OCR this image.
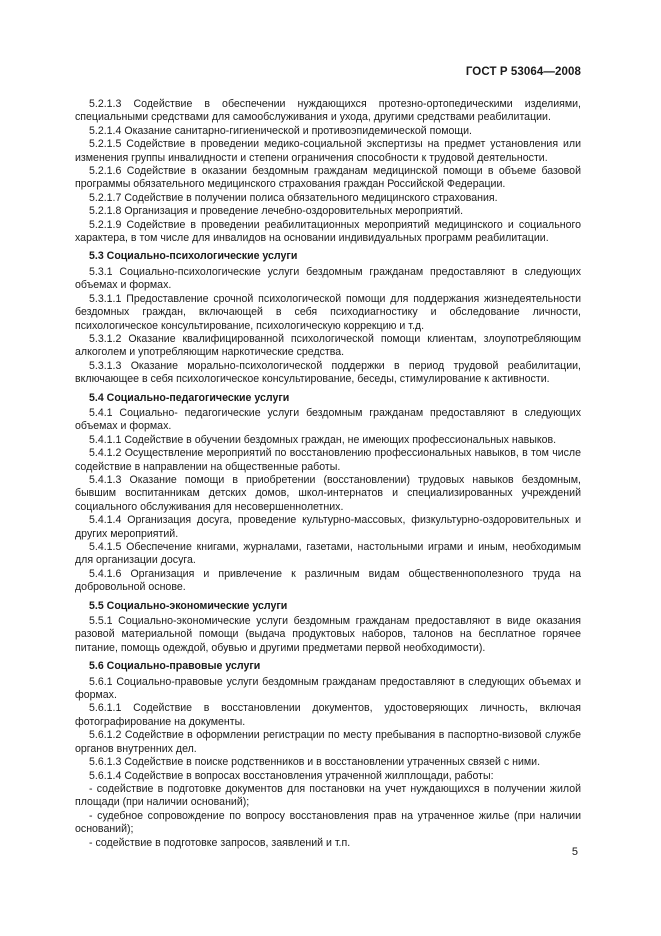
ГОСТ Р 53064—2008

5.2.1.3 Содействие в обеспечении нуждающихся протезно-ортопедическими изделиями, специальными средствами для самообслуживания и ухода, другими средствами реабилитации.

5.2.1.4 Оказание санитарно-гигиенической и противоэпидемической помощи.

5.2.1.5 Содействие в проведении медико-социальной экспертизы на предмет установления или изменения группы инвалидности и степени ограничения способности к трудовой деятельности.

5.2.1.6 Содействие в оказании бездомным гражданам медицинской помощи в объеме базовой программы обязательного медицинского страхования граждан Российской Федерации.

5.2.1.7 Содействие в получении полиса обязательного медицинского страхования.

5.2.1.8 Организация и проведение лечебно-оздоровительных мероприятий.

5.2.1.9 Содействие в проведении реабилитационных мероприятий медицинского и социального характера, в том числе для инвалидов на основании индивидуальных программ реабилитации.

5.3 Социально-психологические услуги

5.3.1 Социально-психологические услуги бездомным гражданам предоставляют в следующих объемах и формах.

5.3.1.1 Предоставление срочной психологической помощи для поддержания жизнедеятельности бездомных граждан, включающей в себя психодиагностику и обследование личности, психологическое консультирование, психологическую коррекцию и т.д.

5.3.1.2 Оказание квалифицированной психологической помощи клиентам, злоупотребляющим алкоголем и употребляющим наркотические средства.

5.3.1.3 Оказание морально-психологической поддержки в период трудовой реабилитации, включающее в себя психологическое консультирование, беседы, стимулирование к активности.

5.4 Социально-педагогические услуги

5.4.1 Социально- педагогические услуги бездомным гражданам предоставляют в следующих объемах и формах.

5.4.1.1 Содействие в обучении бездомных граждан, не имеющих профессиональных навыков.

5.4.1.2 Осуществление мероприятий по восстановлению профессиональных навыков, в том числе содействие в направлении на общественные работы.

5.4.1.3 Оказание помощи в приобретении (восстановлении) трудовых навыков бездомным, бывшим воспитанникам детских домов, школ-интернатов и специализированных учреждений социального обслуживания для несовершеннолетних.

5.4.1.4 Организация досуга, проведение культурно-массовых, физкультурно-оздоровительных и других мероприятий.

5.4.1.5 Обеспечение книгами, журналами, газетами, настольными играми и иным, необходимым для организации досуга.

5.4.1.6 Организация и привлечение к различным видам общественнополезного труда на добровольной основе.

5.5 Социально-экономические услуги

5.5.1 Социально-экономические услуги бездомным гражданам предоставляют в виде оказания разовой материальной помощи (выдача продуктовых наборов, талонов на бесплатное горячее питание, помощь одеждой, обувью и другими предметами первой необходимости).

5.6 Социально-правовые услуги

5.6.1 Социально-правовые услуги бездомным гражданам предоставляют в следующих объемах и формах.

5.6.1.1 Содействие в восстановлении документов, удостоверяющих личность, включая фотографирование на документы.

5.6.1.2 Содействие в оформлении регистрации по месту пребывания в паспортно-визовой службе органов внутренних дел.

5.6.1.3 Содействие в поиске родственников и в восстановлении утраченных связей с ними.

5.6.1.4 Содействие в вопросах восстановления утраченной жилплощади, работы:

- содействие в подготовке документов для постановки на учет нуждающихся в получении жилой площади (при наличии оснований);

- судебное сопровождение по вопросу восстановления прав на утраченное жилье (при наличии оснований);

- содействие в подготовке запросов, заявлений и т.п.

5
